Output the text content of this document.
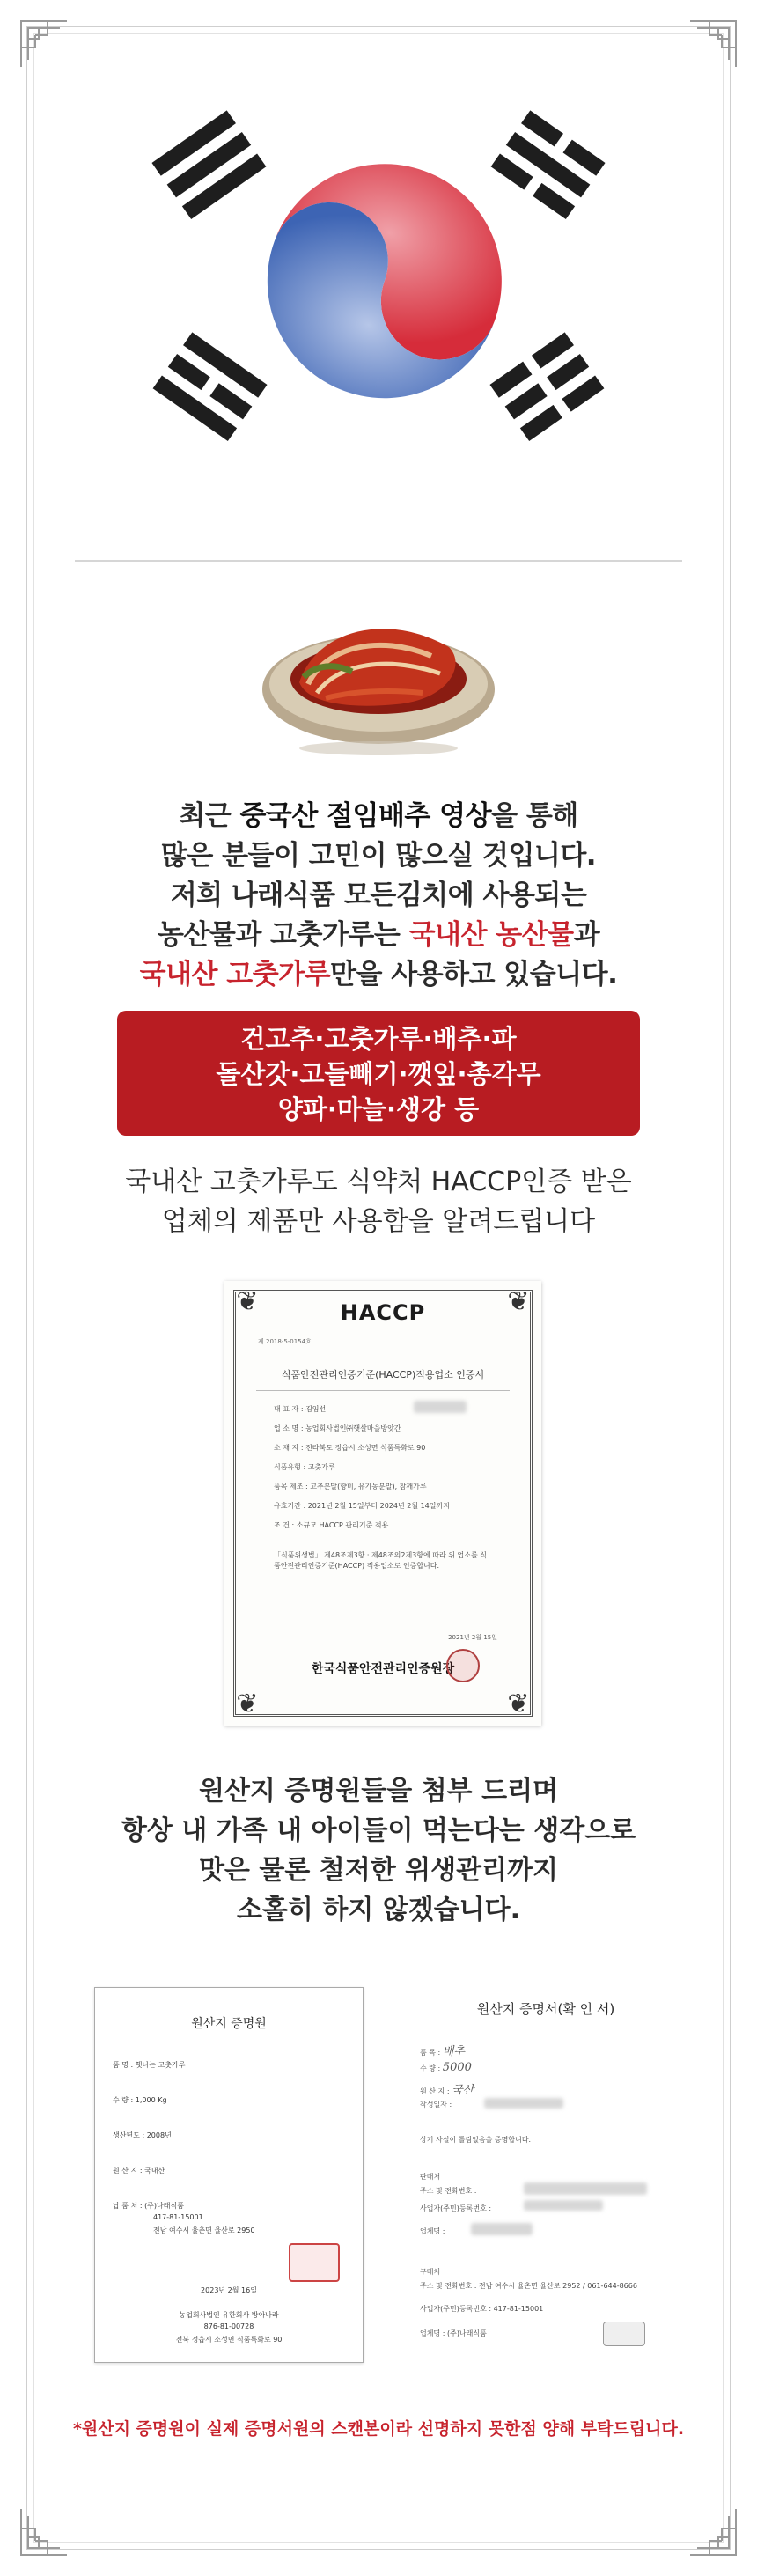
최근 중국산 절임배추 영상을 통해

많은 분들이 고민이 많으실 것입니다.

저희 나래식품 모든김치에 사용되는

농산물과 고춧가루는 국내산 농산물과

국내산 고춧가루만을 사용하고 있습니다.

건고추·고춧가루·배추·파

돌산갓·고들빼기·깻잎·총각무

양파·마늘·생강 등

국내산 고춧가루도 식약처 HACCP인증 받은

업체의 제품만 사용함을 알려드립니다

❦	❦
❦	❦
제 2018-5-0154호
HACCP
식품안전관리인증기준(HACCP)적용업소 인증서
대 표 자 : 김임선
업 소 명 : 농업회사법인㈜햇살마을방앗간
소 재 지 : 전라북도 정읍시 소성면 식품특화로 90
식품유형 : 고춧가루
품목 제조 : 고추분말(향미, 유기농분말), 참깨가루
유효기간 : 2021년 2월 15일부터 2024년 2월 14일까지
조 건 : 소규모 HACCP 관리기준 적용
「식품위생법」 제48조제3항 · 제48조의2제3항에 따라 위 업소를 식품안전관리인증기준(HACCP) 적용업소로 인증합니다.
2021년 2월 15일
한국식품안전관리인증원장

원산지 증명원들을 첨부 드리며

항상 내 가족 내 아이들이 먹는다는 생각으로

맛은 물론 철저한 위생관리까지

소홀히 하지 않겠습니다.

원산지 증명원
품 명 : 햇나는 고춧가루
수 량 : 1,000 Kg
생산년도 : 2008년
원 산 지 : 국내산
납 품 처 : (주)나래식품
417-81-15001
전남 여수시 율촌면 율산로 2950
2023년 2월 16일
농업회사법인 유한회사 방아나라
876-81-00728
전북 정읍시 소성면 식품특화로 90
원산지 증명서(확 인 서)
품 목 : 배추
수 량 : 5000
원 산 지 : 국산
작성일자 :
상기 사실이 틀림없음을 증명합니다.
판매처
주소 및 전화번호 :
사업자(주민)등록번호 :
업체명 :
구매처
주소 및 전화번호 : 전남 여수시 율촌면 율산로 2952 / 061-644-8666
사업자(주민)등록번호 : 417-81-15001
업체명 : (주)나래식품
*원산지 증명원이 실제 증명서원의 스캔본이라 선명하지 못한점 양해 부탁드립니다.
